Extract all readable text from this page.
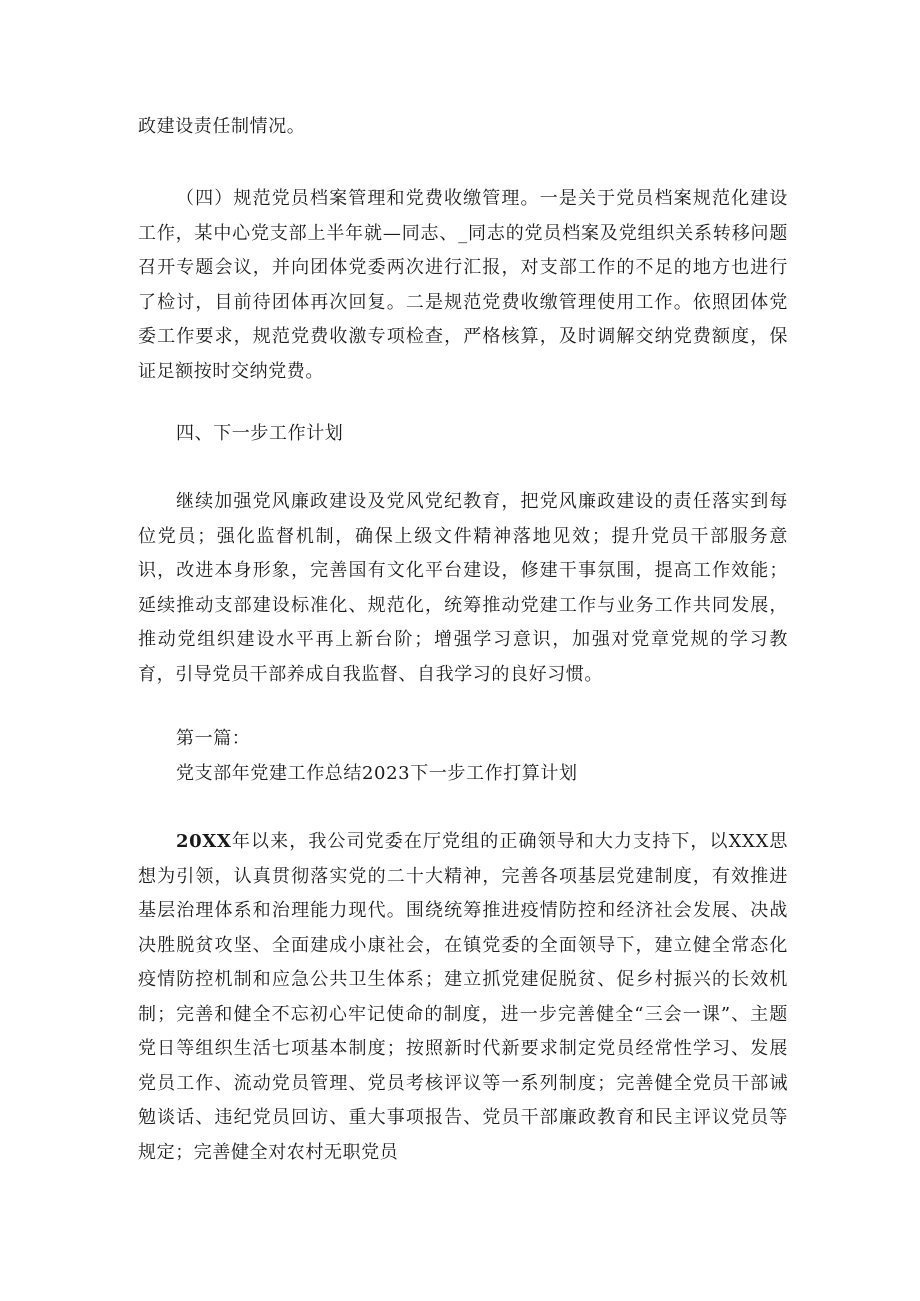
政建设责任制情况。

（四）规范党员档案管理和党费收缴管理。一是关于党员档案规范化建设工作，某中心党支部上半年就—同志、_同志的党员档案及党组织关系转移问题召开专题会议，并向团体党委两次进行汇报，对支部工作的不足的地方也进行了检讨，目前待团体再次回复。二是规范党费收缴管理使用工作。依照团体党委工作要求，规范党费收激专项检查，严格核算，及时调解交纳党费额度，保证足额按时交纳党费。

四、下一步工作计划

继续加强党风廉政建设及党风党纪教育，把党风廉政建设的责任落实到每位党员；强化监督机制，确保上级文件精神落地见效；提升党员干部服务意识，改进本身形象，完善国有文化平台建设，修建干事氛围，提高工作效能；延续推动支部建设标准化、规范化，统筹推动党建工作与业务工作共同发展，推动党组织建设水平再上新台阶；增强学习意识，加强对党章党规的学习教育，引导党员干部养成自我监督、自我学习的良好习惯。

第一篇：

党支部年党建工作总结2023下一步工作打算计划

20XX年以来，我公司党委在厅党组的正确领导和大力支持下，以XXX思想为引领，认真贯彻落实党的二十大精神，完善各项基层党建制度，有效推进基层治理体系和治理能力现代。围绕统筹推进疫情防控和经济社会发展、决战决胜脱贫攻坚、全面建成小康社会，在镇党委的全面领导下，建立健全常态化疫情防控机制和应急公共卫生体系；建立抓党建促脱贫、促乡村振兴的长效机制；完善和健全不忘初心牢记使命的制度，进一步完善健全“三会一课”、主题党日等组织生活七项基本制度；按照新时代新要求制定党员经常性学习、发展党员工作、流动党员管理、党员考核评议等一系列制度；完善健全党员干部诫勉谈话、违纪党员回访、重大事项报告、党员干部廉政教育和民主评议党员等规定；完善健全对农村无职党员
